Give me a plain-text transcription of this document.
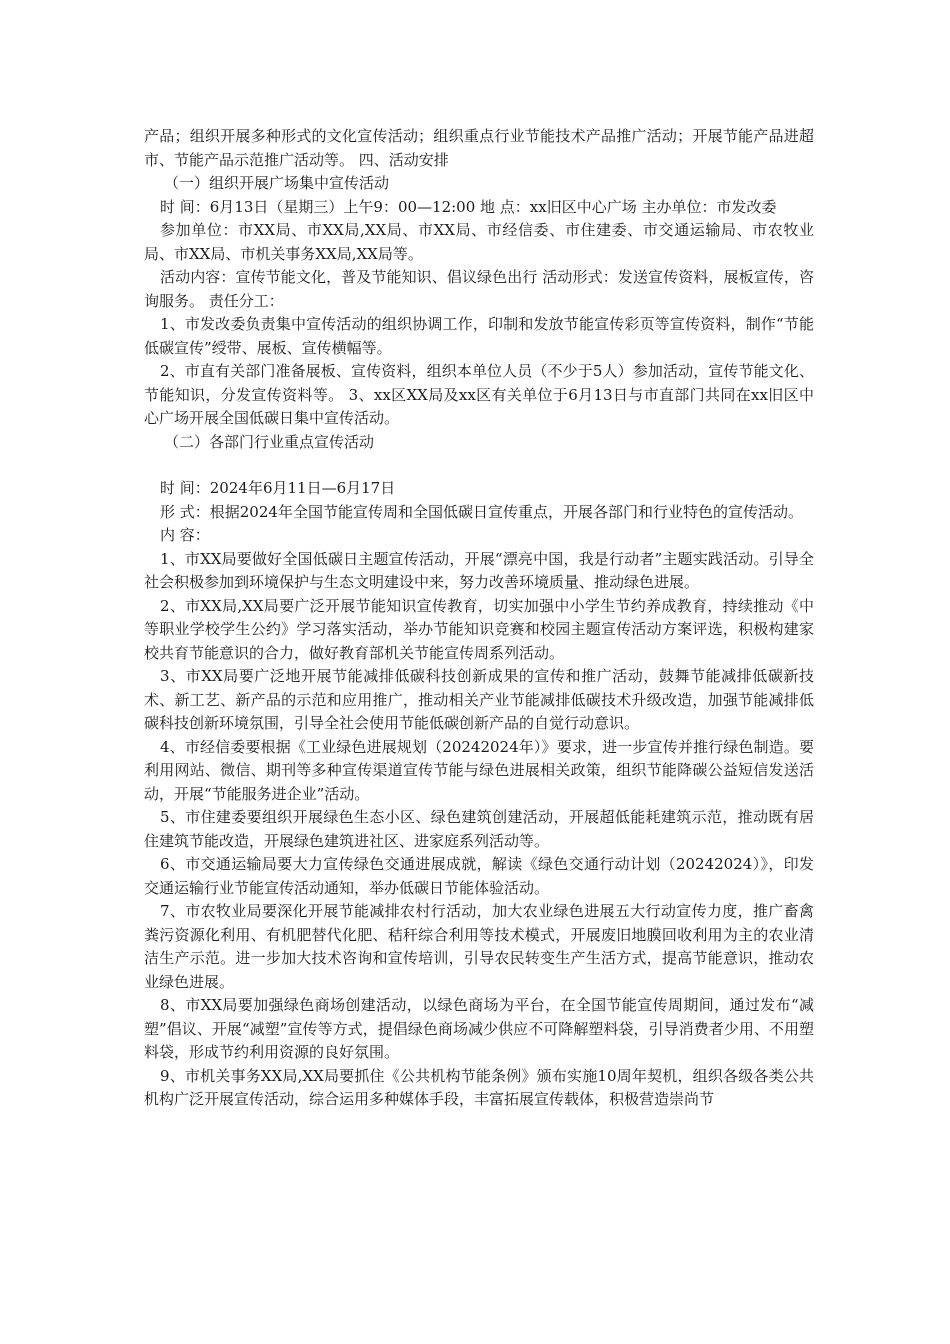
产品；组织开展多种形式的文化宣传活动；组织重点行业节能技术产品推广活动；开展节能产品进超市、节能产品示范推广活动等。 四、活动安排

（一）组织开展广场集中宣传活动

时 间：6月13日（星期三）上午9：00—12:00 地 点：xx旧区中心广场 主办单位：市发改委

参加单位：市XX局、市XX局,XX局、市XX局、市经信委、市住建委、市交通运输局、市农牧业局、市XX局、市机关事务XX局,XX局等。

活动内容：宣传节能文化，普及节能知识、倡议绿色出行 活动形式：发送宣传资料，展板宣传，咨询服务。 责任分工：

1、市发改委负责集中宣传活动的组织协调工作，印制和发放节能宣传彩页等宣传资料，制作“节能低碳宣传”绶带、展板、宣传横幅等。

2、市直有关部门准备展板、宣传资料，组织本单位人员（不少于5人）参加活动，宣传节能文化、节能知识，分发宣传资料等。 3、xx区XX局及xx区有关单位于6月13日与市直部门共同在xx旧区中心广场开展全国低碳日集中宣传活动。

（二）各部门行业重点宣传活动

时 间：2024年6月11日—6月17日

形 式：根据2024年全国节能宣传周和全国低碳日宣传重点，开展各部门和行业特色的宣传活动。

内 容：

1、市XX局要做好全国低碳日主题宣传活动，开展“漂亮中国，我是行动者”主题实践活动。引导全社会积极参加到环境保护与生态文明建设中来，努力改善环境质量、推动绿色进展。

2、市XX局,XX局要广泛开展节能知识宣传教育，切实加强中小学生节约养成教育，持续推动《中等职业学校学生公约》学习落实活动，举办节能知识竞赛和校园主题宣传活动方案评选，积极构建家校共育节能意识的合力，做好教育部机关节能宣传周系列活动。

3、市XX局要广泛地开展节能减排低碳科技创新成果的宣传和推广活动，鼓舞节能减排低碳新技术、新工艺、新产品的示范和应用推广，推动相关产业节能减排低碳技术升级改造，加强节能减排低碳科技创新环境氛围，引导全社会使用节能低碳创新产品的自觉行动意识。

4、市经信委要根据《工业绿色进展规划（20242024年）》要求，进一步宣传并推行绿色制造。要利用网站、微信、期刊等多种宣传渠道宣传节能与绿色进展相关政策，组织节能降碳公益短信发送活动，开展“节能服务进企业”活动。

5、市住建委要组织开展绿色生态小区、绿色建筑创建活动，开展超低能耗建筑示范，推动既有居住建筑节能改造，开展绿色建筑进社区、进家庭系列活动等。

6、市交通运输局要大力宣传绿色交通进展成就，解读《绿色交通行动计划（20242024）》，印发交通运输行业节能宣传活动通知，举办低碳日节能体验活动。

7、市农牧业局要深化开展节能减排农村行活动，加大农业绿色进展五大行动宣传力度，推广畜禽粪污资源化利用、有机肥替代化肥、秸秆综合利用等技术模式，开展废旧地膜回收利用为主的农业清洁生产示范。进一步加大技术咨询和宣传培训，引导农民转变生产生活方式，提高节能意识，推动农业绿色进展。

8、市XX局要加强绿色商场创建活动，以绿色商场为平台，在全国节能宣传周期间，通过发布“减塑”倡议、开展“减塑”宣传等方式，提倡绿色商场减少供应不可降解塑料袋，引导消费者少用、不用塑料袋，形成节约利用资源的良好氛围。

9、市机关事务XX局,XX局要抓住《公共机构节能条例》颁布实施10周年契机，组织各级各类公共机构广泛开展宣传活动，综合运用多种媒体手段，丰富拓展宣传载体，积极营造崇尚节
